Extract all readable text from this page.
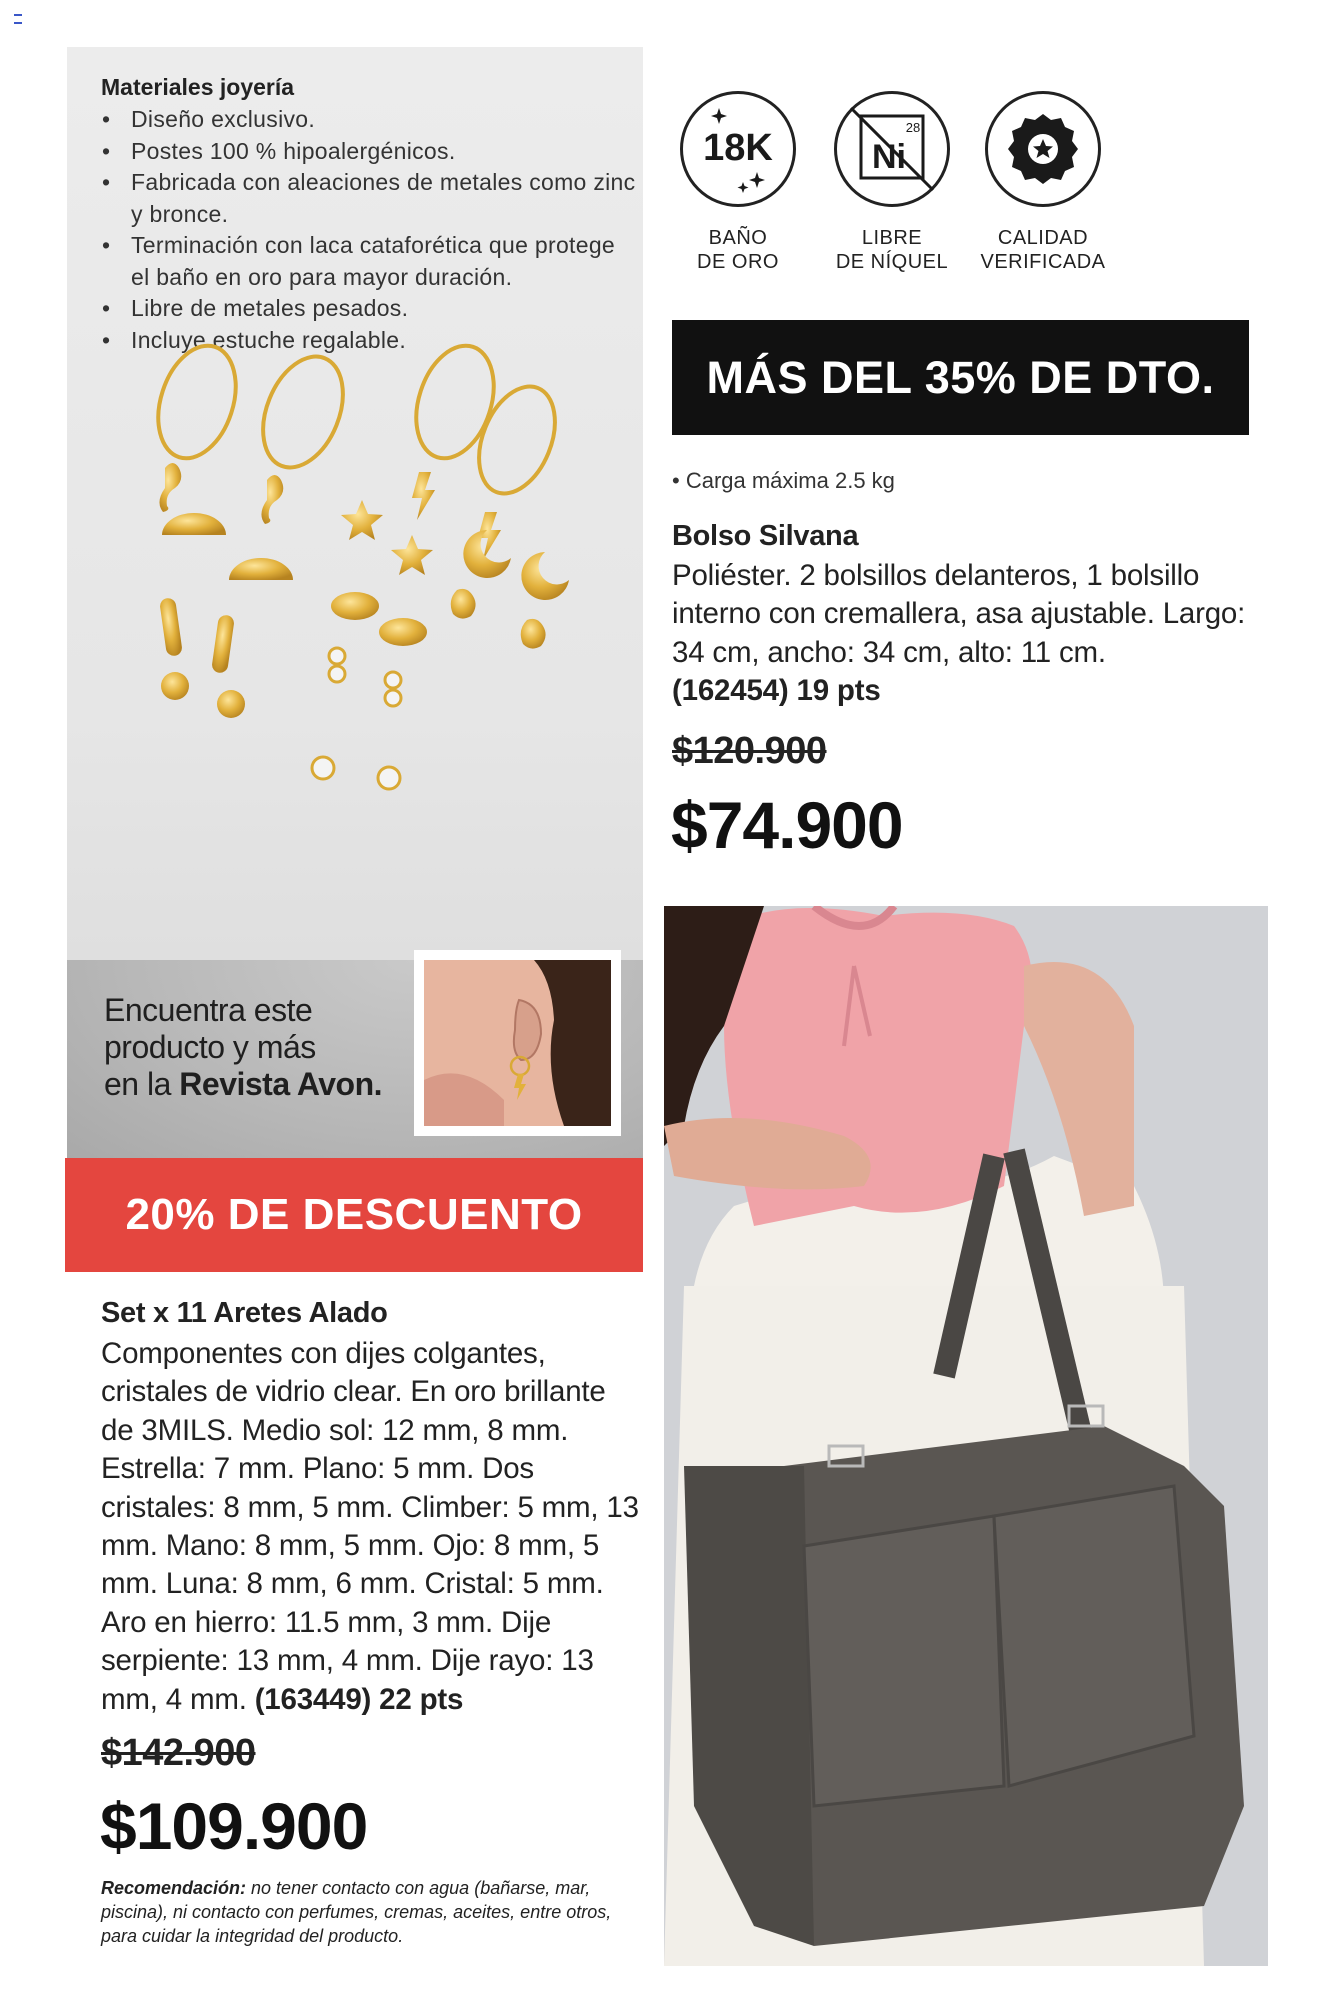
Materiales joyería
• Diseño exclusivo.
• Postes 100 % hipoalergénicos.
• Fabricada con aleaciones de metales como zinc y bronce.
• Terminación con laca cataforética que protege el baño en oro para mayor duración.
• Libre de metales pesados.
• Incluye estuche regalable.
Encuentra este
producto y más
en la Revista Avon.
20% DE DESCUENTO
Set x 11 Aretes Alado
Componentes con dijes colgantes, cristales de vidrio clear. En oro brillante de 3MILS. Medio sol: 12 mm, 8 mm. Estrella: 7 mm. Plano: 5 mm. Dos cristales: 8 mm, 5 mm. Climber: 5 mm, 13 mm. Mano: 8 mm, 5 mm. Ojo: 8 mm, 5 mm. Luna: 8 mm, 6 mm. Cristal: 5 mm. Aro en hierro: 11.5 mm, 3 mm. Dije serpiente: 13 mm, 4 mm. Dije rayo: 13 mm, 4 mm. (163449) 22 pts
$142.900
$109.900
Recomendación: no tener contacto con agua (bañarse, mar, piscina), ni contacto con perfumes, cremas, aceites, entre otros, para cuidar la integridad del producto.
18K	28
Ni
BAÑO
DE ORO
LIBRE
DE NÍQUEL
CALIDAD
VERIFICADA
MÁS DEL 35% DE DTO.
• Carga máxima 2.5 kg
Bolso Silvana
Poliéster. 2 bolsillos delanteros, 1 bolsillo interno con cremallera, asa ajustable. Largo: 34 cm, ancho: 34 cm, alto: 11 cm.
(162454) 19 pts
$120.900
$74.900
